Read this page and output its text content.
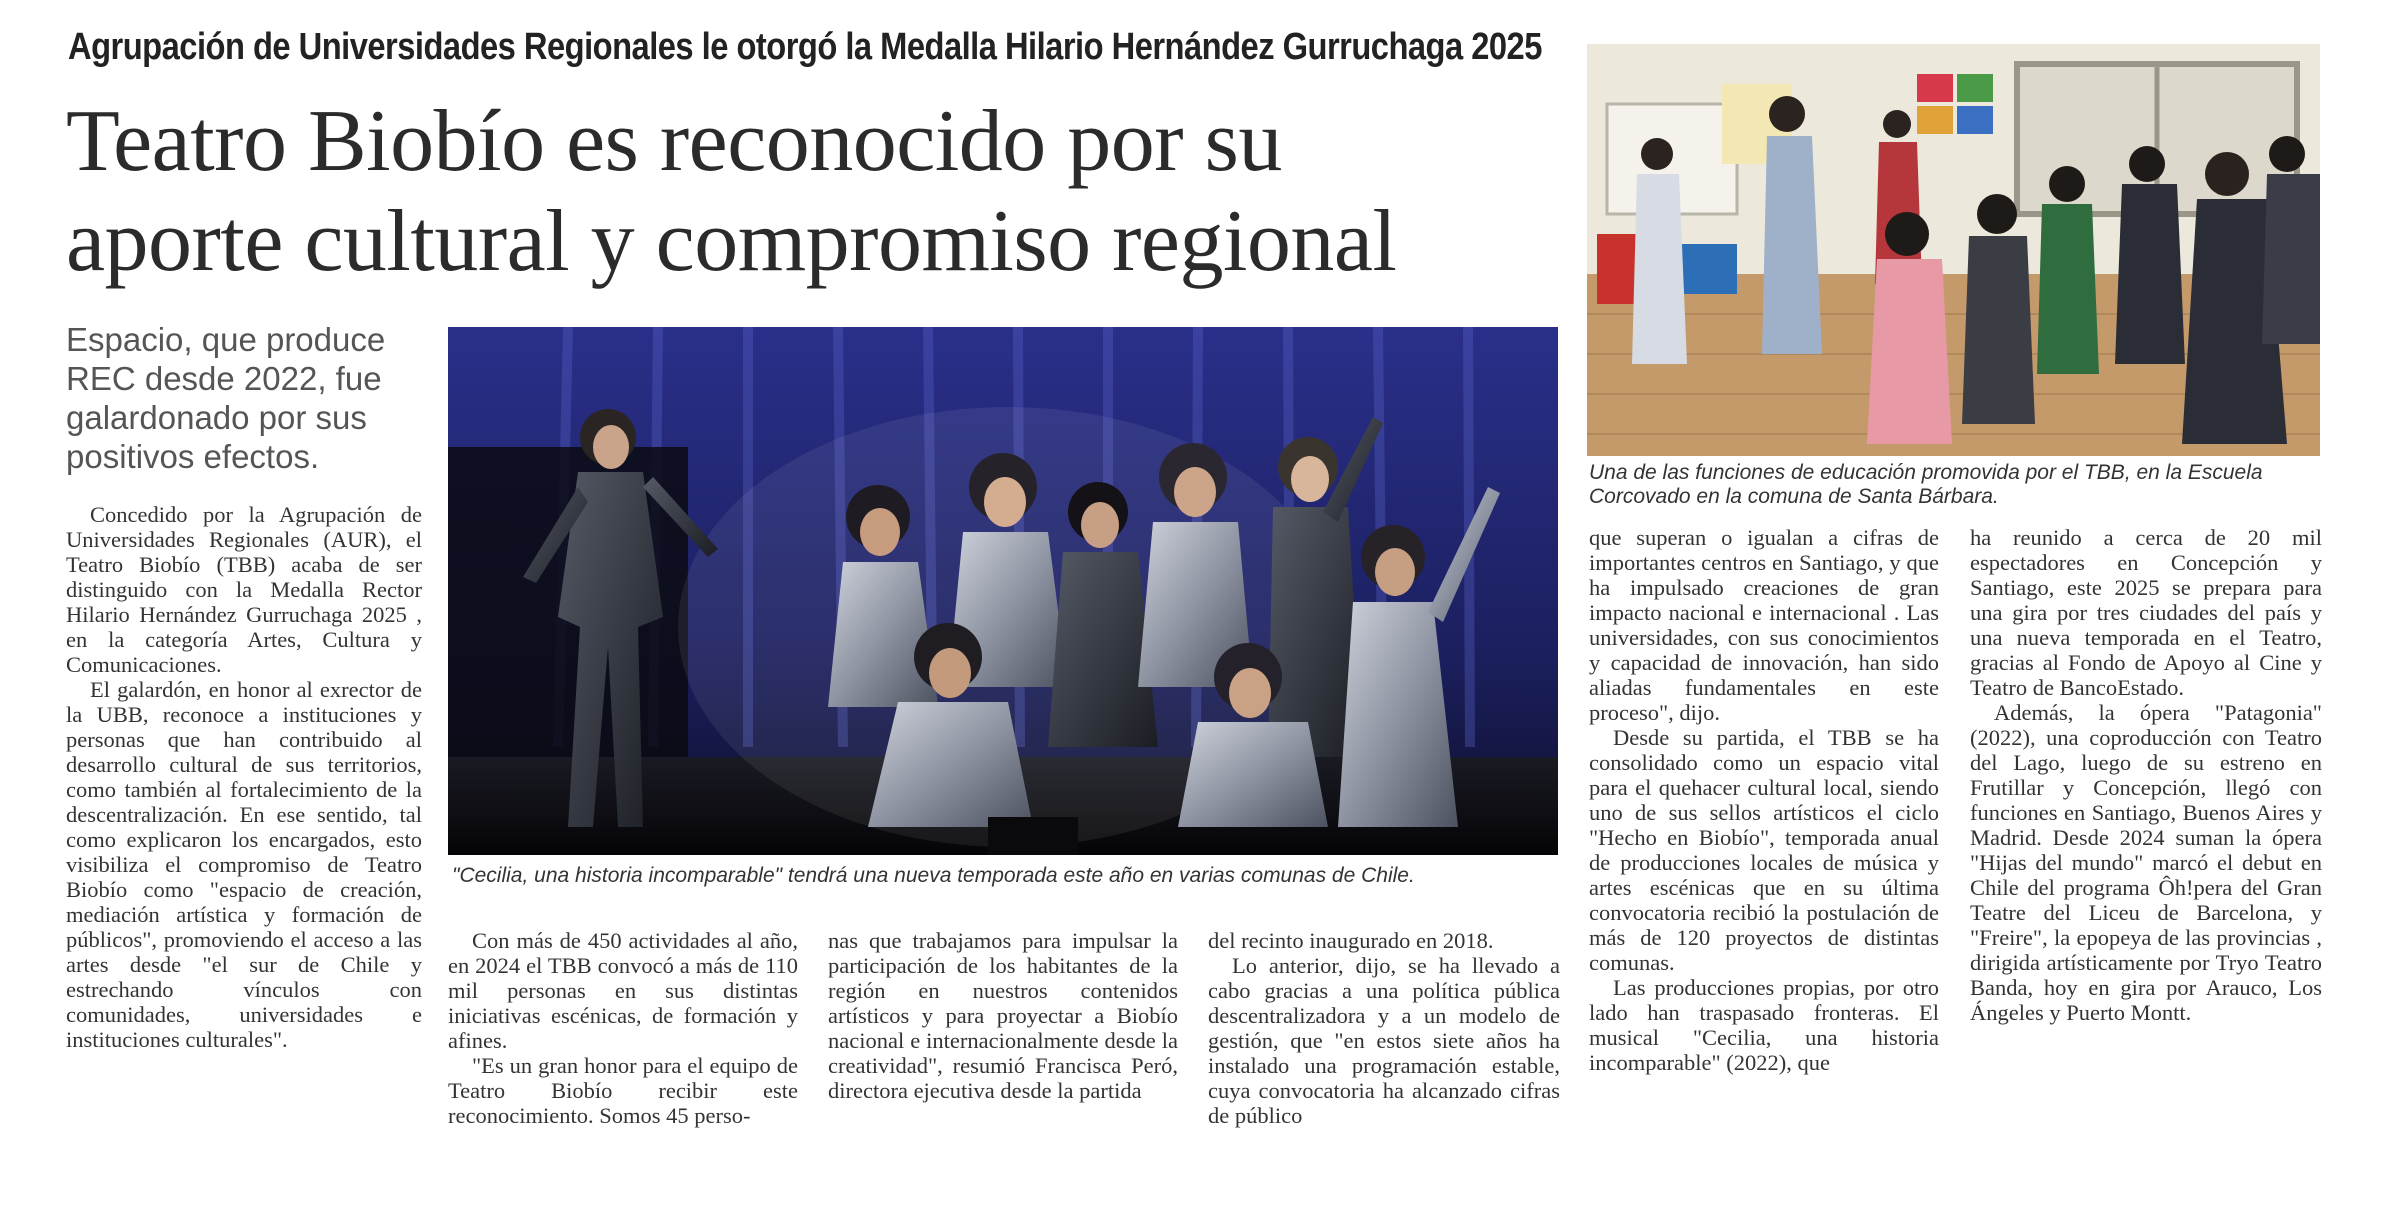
Agrupación de Universidades Regionales le otorgó la Medalla Hilario Hernández Gurruchaga 2025
Teatro Biobío es reconocido por su
aporte cultural y compromiso regional
Espacio, que produce REC desde 2022, fue galardonado por sus positivos efectos.
"Cecilia, una historia incomparable" tendrá una nueva temporada este año en varias comunas de Chile.
Una de las funciones de educación promovida por el TBB, en la Escuela Corcovado en la comuna de Santa Bárbara.

Concedido por la Agrupación de Universidades Regionales (AUR), el Teatro Biobío (TBB) acaba de ser distinguido con la Medalla Rector Hilario Hernández Gurruchaga 2025 , en la categoría Artes, Cultura y Comunicaciones.

El galardón, en honor al exrector de la UBB, reconoce a instituciones y personas que han contribuido al desarrollo cultural de sus territorios, como también al fortalecimiento de la descentralización. En ese sentido, tal como explicaron los encargados, esto visibiliza el compromiso de Teatro Biobío como "espacio de creación, mediación artística y formación de públicos", promoviendo el acceso a las artes desde "el sur de Chile y estrechando vínculos con comunidades, universidades e instituciones culturales".

Con más de 450 actividades al año, en 2024 el TBB convocó a más de 110 mil personas en sus distintas iniciativas escénicas, de formación y afines.

"Es un gran honor para el equipo de Teatro Biobío recibir este reconocimiento. Somos 45 perso-

nas que trabajamos para impulsar la participación de los habitantes de la región en nuestros contenidos artísticos y para proyectar a Biobío nacional e internacionalmente desde la creatividad", resumió Francisca Peró, directora ejecutiva desde la partida

del recinto inaugurado en 2018.

Lo anterior, dijo, se ha llevado a cabo gracias a una política pública descentralizadora y a un modelo de gestión, que "en estos siete años ha instalado una programación estable, cuya convocatoria ha alcanzado cifras de público

que superan o igualan a cifras de importantes centros en Santiago, y que ha impulsado creaciones de gran impacto nacional e internacional . Las universidades, con sus conocimientos y capacidad de innovación, han sido aliadas fundamentales en este proceso", dijo.

Desde su partida, el TBB se ha consolidado como un espacio vital para el quehacer cultural local, siendo uno de sus sellos artísticos el ciclo "Hecho en Biobío", temporada anual de producciones locales de música y artes escénicas que en su última convocatoria recibió la postulación de más de 120 proyectos de distintas comunas.

Las producciones propias, por otro lado han traspasado fronteras. El musical "Cecilia, una historia incomparable" (2022), que

ha reunido a cerca de 20 mil espectadores en Concepción y Santiago, este 2025 se prepara para una gira por tres ciudades del país y una nueva temporada en el Teatro, gracias al Fondo de Apoyo al Cine y Teatro de BancoEstado.

Además, la ópera "Patagonia" (2022), una coproducción con Teatro del Lago, luego de su estreno en Frutillar y Concepción, llegó con funciones en Santiago, Buenos Aires y Madrid. Desde 2024 suman la ópera "Hijas del mundo" marcó el debut en Chile del programa Ôh!pera del Gran Teatre del Liceu de Barcelona, y "Freire", la epopeya de las provincias , dirigida artísticamente por Tryo Teatro Banda, hoy en gira por Arauco, Los Ángeles y Puerto Montt.
